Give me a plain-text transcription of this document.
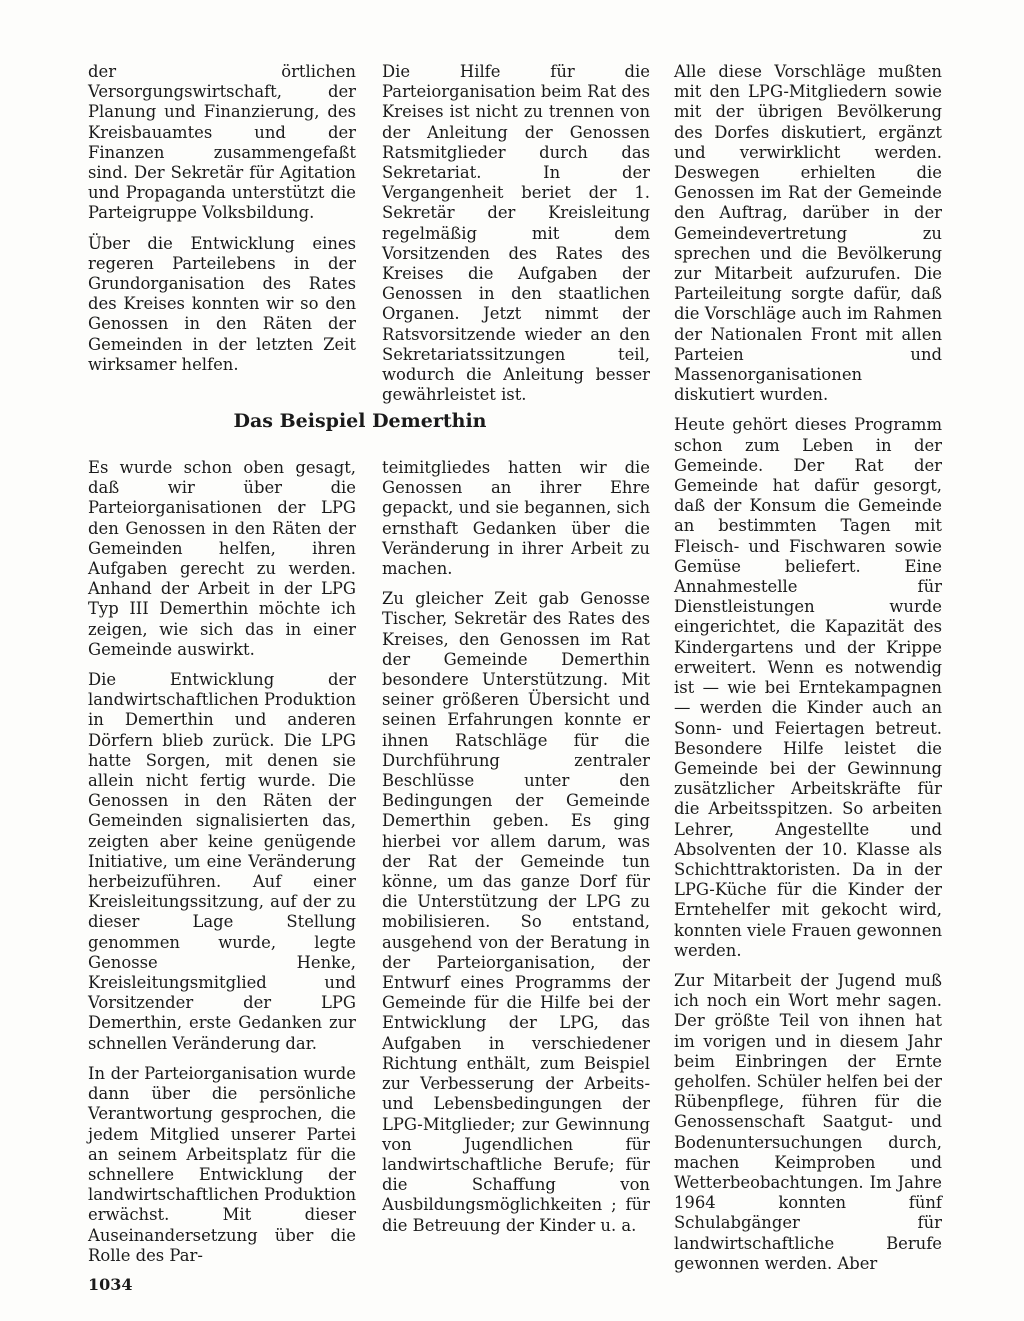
der örtlichen Versorgungswirtschaft, der Planung und Finanzierung, des Kreisbauamtes und der Finanzen zusammengefaßt sind. Der Sekretär für Agitation und Propaganda unterstützt die Parteigruppe Volksbildung.

Über die Entwicklung eines regeren Parteilebens in der Grundorganisation des Rates des Kreises konnten wir so den Genossen in den Räten der Gemeinden in der letzten Zeit wirksamer helfen.

Die Hilfe für die Parteiorganisation beim Rat des Kreises ist nicht zu trennen von der Anleitung der Genossen Ratsmitglieder durch das Sekretariat. In der Vergangenheit beriet der 1. Sekretär der Kreisleitung regelmäßig mit dem Vorsitzenden des Rates des Kreises die Aufgaben der Genossen in den staatlichen Organen. Jetzt nimmt der Ratsvorsitzende wieder an den Sekretariatssitzungen teil, wodurch die Anleitung besser gewährleistet ist.

Das Beispiel Demerthin

Es wurde schon oben gesagt, daß wir über die Parteiorganisationen der LPG den Genossen in den Räten der Gemeinden helfen, ihren Aufgaben gerecht zu werden. Anhand der Arbeit in der LPG Typ III Demerthin möchte ich zeigen, wie sich das in einer Gemeinde auswirkt.

Die Entwicklung der landwirtschaftlichen Produktion in Demerthin und anderen Dörfern blieb zurück. Die LPG hatte Sorgen, mit denen sie allein nicht fertig wurde. Die Genossen in den Räten der Gemeinden signalisierten das, zeigten aber keine genügende Initiative, um eine Veränderung herbeizuführen. Auf einer Kreisleitungssitzung, auf der zu dieser Lage Stellung genommen wurde, legte Genosse Henke, Kreisleitungsmitglied und Vorsitzender der LPG Demerthin, erste Gedanken zur schnellen Veränderung dar.

In der Parteiorganisation wurde dann über die persönliche Verantwortung gesprochen, die jedem Mitglied unserer Partei an seinem Arbeitsplatz für die schnellere Entwicklung der landwirtschaftlichen Produktion erwächst. Mit dieser Auseinandersetzung über die Rolle des Par-

teimitgliedes hatten wir die Genossen an ihrer Ehre gepackt, und sie begannen, sich ernsthaft Gedanken über die Veränderung in ihrer Arbeit zu machen.

Zu gleicher Zeit gab Genosse Tischer, Sekretär des Rates des Kreises, den Genossen im Rat der Gemeinde Demerthin besondere Unterstützung. Mit seiner größeren Übersicht und seinen Erfahrungen konnte er ihnen Ratschläge für die Durchführung zentraler Beschlüsse unter den Bedingungen der Gemeinde Demerthin geben. Es ging hierbei vor allem darum, was der Rat der Gemeinde tun könne, um das ganze Dorf für die Unterstützung der LPG zu mobilisieren. So entstand, ausgehend von der Beratung in der Parteiorganisation, der Entwurf eines Programms der Gemeinde für die Hilfe bei der Entwicklung der LPG, das Aufgaben in verschiedener Richtung enthält, zum Beispiel zur Verbesserung der Arbeits- und Lebensbedingungen der LPG-Mitglieder; zur Gewinnung von Jugendlichen für landwirtschaftliche Berufe; für die Schaffung von Ausbildungsmöglichkeiten ; für die Betreuung der Kinder u. a.

Alle diese Vorschläge mußten mit den LPG-Mitgliedern sowie mit der übrigen Bevölkerung des Dorfes diskutiert, ergänzt und verwirklicht werden. Deswegen erhielten die Genossen im Rat der Gemeinde den Auftrag, darüber in der Gemeindevertretung zu sprechen und die Bevölkerung zur Mitarbeit aufzurufen. Die Parteileitung sorgte dafür, daß die Vorschläge auch im Rahmen der Nationalen Front mit allen Parteien und Massenorganisationen diskutiert wurden.

Heute gehört dieses Programm schon zum Leben in der Gemeinde. Der Rat der Gemeinde hat dafür gesorgt, daß der Konsum die Gemeinde an bestimmten Tagen mit Fleisch- und Fischwaren sowie Gemüse beliefert. Eine Annahmestelle für Dienstleistungen wurde eingerichtet, die Kapazität des Kindergartens und der Krippe erweitert. Wenn es notwendig ist — wie bei Erntekampagnen — werden die Kinder auch an Sonn- und Feiertagen betreut. Besondere Hilfe leistet die Gemeinde bei der Gewinnung zusätzlicher Arbeitskräfte für die Arbeitsspitzen. So arbeiten Lehrer, Angestellte und Absolventen der 10. Klasse als Schichttraktoristen. Da in der LPG-Küche für die Kinder der Erntehelfer mit gekocht wird, konnten viele Frauen gewonnen werden.

Zur Mitarbeit der Jugend muß ich noch ein Wort mehr sagen. Der größte Teil von ihnen hat im vorigen und in diesem Jahr beim Einbringen der Ernte geholfen. Schüler helfen bei der Rübenpflege, führen für die Genossenschaft Saatgut- und Bodenuntersuchungen durch, machen Keimproben und Wetterbeobachtungen. Im Jahre 1964 konnten fünf Schulabgänger für landwirtschaftliche Berufe gewonnen werden. Aber

1034
